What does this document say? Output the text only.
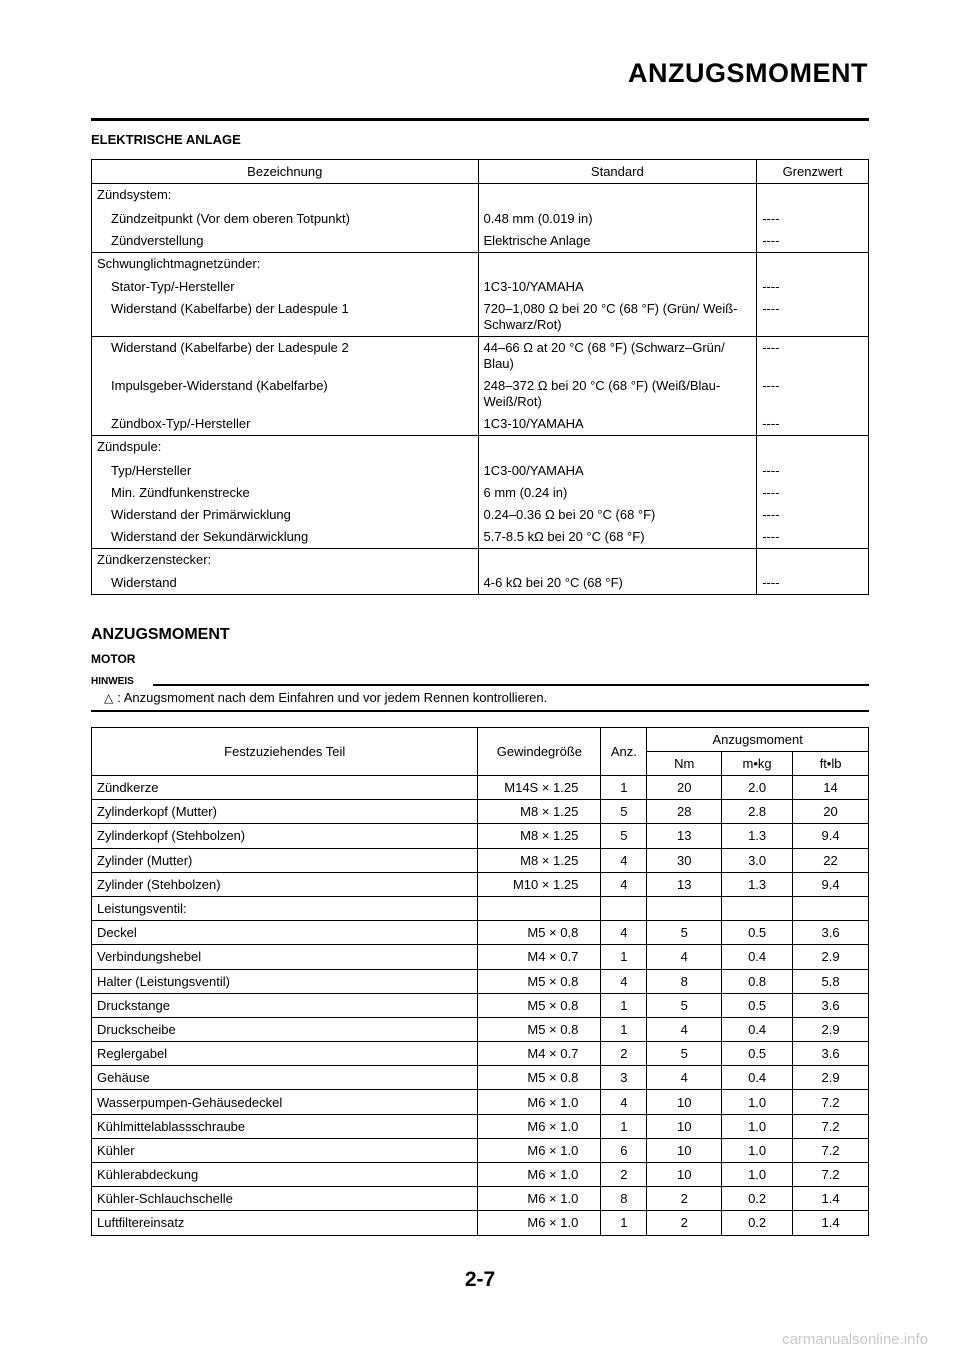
ANZUGSMOMENT
ELEKTRISCHE ANLAGE
Bezeichnung	Standard	Grenzwert
Zündsystem:		
Zündzeitpunkt (Vor dem oberen Totpunkt)	0.48 mm (0.019 in)	----
Zündverstellung	Elektrische Anlage	----
Schwunglichtmagnetzünder:		
Stator-Typ/-Hersteller	1C3-10/YAMAHA	----
Widerstand (Kabelfarbe) der Ladespule 1	720–1,080 Ω bei 20 °C (68 °F) (Grün/ Weiß-Schwarz/Rot)	----
Widerstand (Kabelfarbe) der Ladespule 2	44–66 Ω at 20 °C (68 °F) (Schwarz–Grün/ Blau)	----
Impulsgeber-Widerstand (Kabelfarbe)	248–372 Ω bei 20 °C (68 °F) (Weiß/Blau-Weiß/Rot)	----
Zündbox-Typ/-Hersteller	1C3-10/YAMAHA	----
Zündspule:		
Typ/Hersteller	1C3-00/YAMAHA	----
Min. Zündfunkenstrecke	6 mm (0.24 in)	----
Widerstand der Primärwicklung	0.24–0.36 Ω bei 20 °C (68 °F)	----
Widerstand der Sekundärwicklung	5.7-8.5 kΩ bei 20 °C (68 °F)	----
Zündkerzenstecker:		
Widerstand	4-6 kΩ bei 20 °C (68 °F)	----
ANZUGSMOMENT
MOTOR
HINWEIS
△ : Anzugsmoment nach dem Einfahren und vor jedem Rennen kontrollieren.
Festzuziehendes Teil	Gewindegröße	Anz.	Anzugsmoment		
			Nm	m•kg	ft•lb
Zündkerze	M14S × 1.25	1	20	2.0	14
Zylinderkopf (Mutter)	M8 × 1.25	5	28	2.8	20
Zylinderkopf (Stehbolzen)	M8 × 1.25	5	13	1.3	9.4
Zylinder (Mutter)	M8 × 1.25	4	30	3.0	22
Zylinder (Stehbolzen)	M10 × 1.25	4	13	1.3	9.4
Leistungsventil:					
Deckel	M5 × 0.8	4	5	0.5	3.6
Verbindungshebel	M4 × 0.7	1	4	0.4	2.9
Halter (Leistungsventil)	M5 × 0.8	4	8	0.8	5.8
Druckstange	M5 × 0.8	1	5	0.5	3.6
Druckscheibe	M5 × 0.8	1	4	0.4	2.9
Reglergabel	M4 × 0.7	2	5	0.5	3.6
Gehäuse	M5 × 0.8	3	4	0.4	2.9
Wasserpumpen-Gehäusedeckel	M6 × 1.0	4	10	1.0	7.2
Kühlmittelablassschraube	M6 × 1.0	1	10	1.0	7.2
Kühler	M6 × 1.0	6	10	1.0	7.2
Kühlerabdeckung	M6 × 1.0	2	10	1.0	7.2
Kühler-Schlauchschelle	M6 × 1.0	8	2	0.2	1.4
Luftfiltereinsatz	M6 × 1.0	1	2	0.2	1.4
2-7
carmanualsonline.info
